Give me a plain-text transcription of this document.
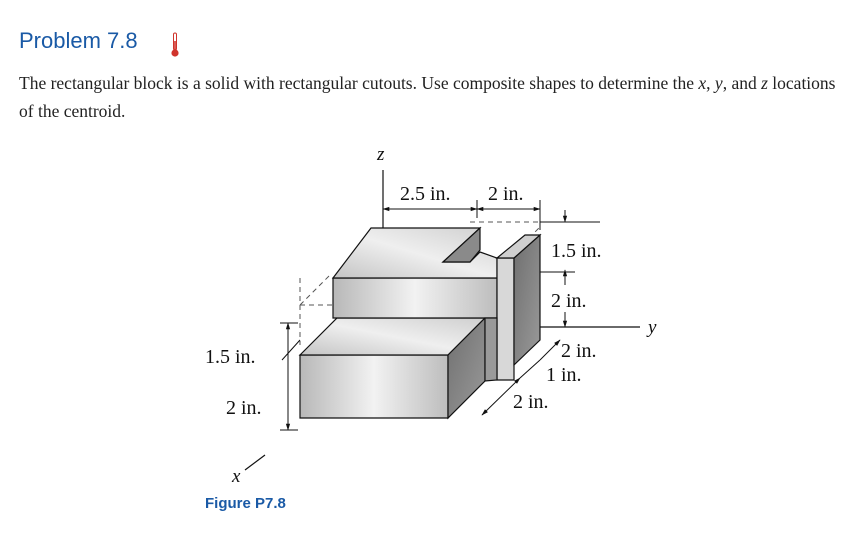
Problem 7.8

The rectangular block is a solid with rectangular cutouts. Use composite shapes to determine the x, y, and z locations of the centroid.

z
y
x
2.5 in. 2 in.
1.5 in.
2 in.
2 in.
1 in.
2 in.
1.5 in.
2 in.

Figure P7.8
